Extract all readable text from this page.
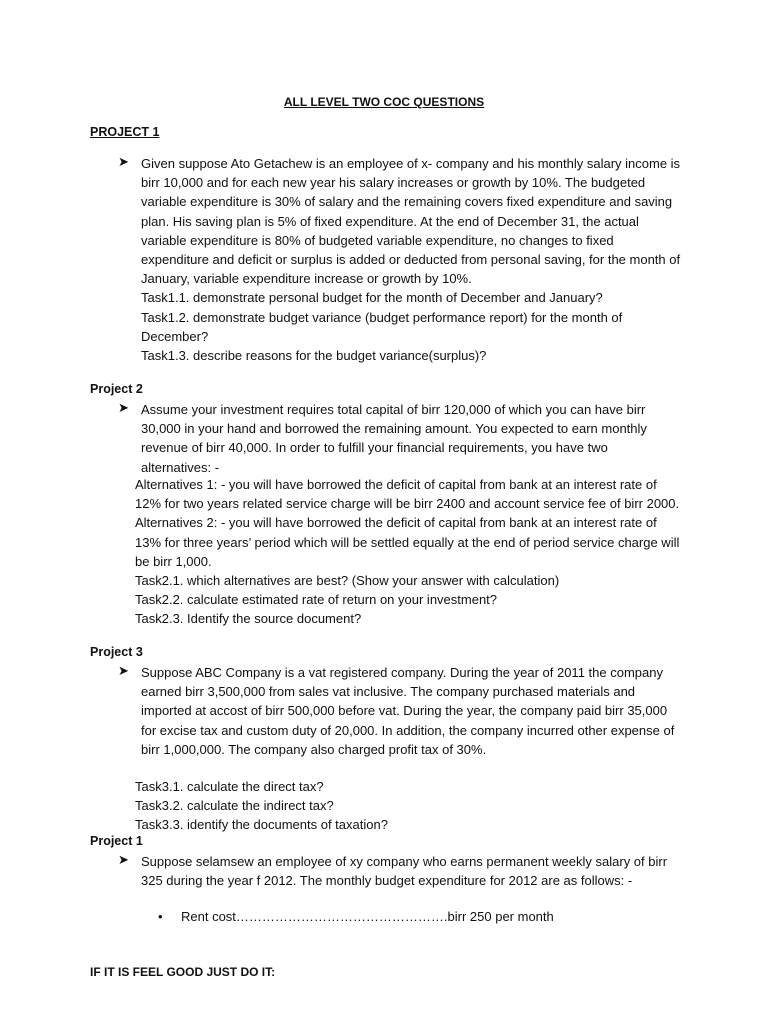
ALL LEVEL TWO COC QUESTIONS
PROJECT 1
➤ Given suppose Ato Getachew is an employee of x- company and his monthly salary income is birr 10,000 and for each new year his salary increases or growth by 10%. The budgeted variable expenditure is 30% of salary and the remaining covers fixed expenditure and saving plan. His saving plan is 5% of fixed expenditure. At the end of December 31, the actual variable expenditure is 80% of budgeted variable expenditure, no changes to fixed expenditure and deficit or surplus is added or deducted from personal saving, for the month of January, variable expenditure increase or growth by 10%.

Task1.1. demonstrate personal budget for the month of December and January?

Task1.2. demonstrate budget variance (budget performance report) for the month of December?

Task1.3. describe reasons for the budget variance(surplus)?

Project 2
➤ Assume your investment requires total capital of birr 120,000 of which you can have birr 30,000 in your hand and borrowed the remaining amount. You expected to earn monthly revenue of birr 40,000. In order to fulfill your financial requirements, you have two alternatives: -

Alternatives 1: - you will have borrowed the deficit of capital from bank at an interest rate of 12% for two years related service charge will be birr 2400 and account service fee of birr 2000.

Alternatives 2: - you will have borrowed the deficit of capital from bank at an interest rate of 13% for three years’ period which will be settled equally at the end of period service charge will be birr 1,000.

Task2.1. which alternatives are best? (Show your answer with calculation)

Task2.2. calculate estimated rate of return on your investment?

Task2.3. Identify the source document?

Project 3
➤ Suppose ABC Company is a vat registered company. During the year of 2011 the company earned birr 3,500,000 from sales vat inclusive. The company purchased materials and imported at accost of birr 500,000 before vat. During the year, the company paid birr 35,000 for excise tax and custom duty of 20,000. In addition, the company incurred other expense of birr 1,000,000. The company also charged profit tax of 30%.

Task3.1. calculate the direct tax?

Task3.2. calculate the indirect tax?

Task3.3. identify the documents of taxation?

Project 1
➤ Suppose selamsew an employee of xy company who earns permanent weekly salary of birr 325 during the year f 2012. The monthly budget expenditure for 2012 are as follows: -

• Rent cost………………………………………….birr 250 per month
IF IT IS FEEL GOOD JUST DO IT:
